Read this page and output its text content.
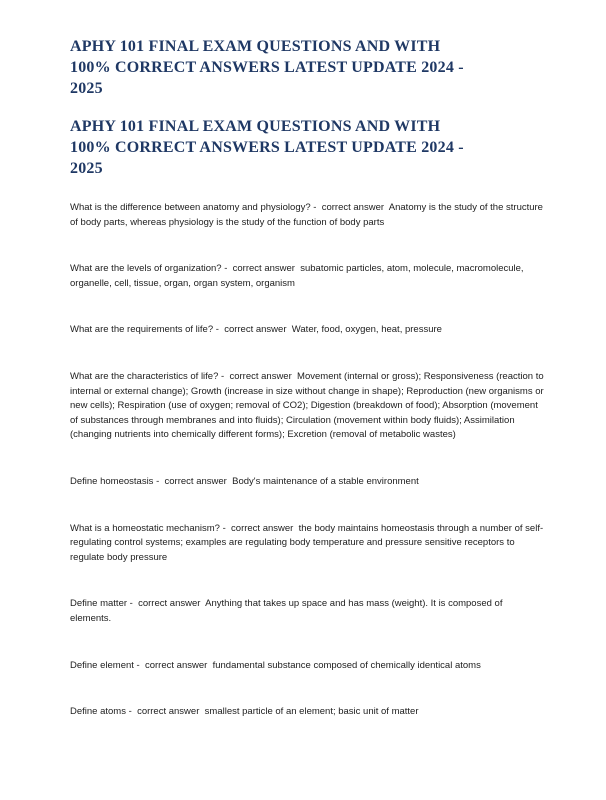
APHY 101 FINAL EXAM QUESTIONS AND WITH
100% CORRECT ANSWERS LATEST UPDATE 2024 -
2025
APHY 101 FINAL EXAM QUESTIONS AND WITH
100% CORRECT ANSWERS LATEST UPDATE 2024 -
2025

What is the difference between anatomy and physiology? -  correct answer  Anatomy is the study of the structure of body parts, whereas physiology is the study of the function of body parts

What are the levels of organization? -  correct answer  subatomic particles, atom, molecule, macromolecule, organelle, cell, tissue, organ, organ system, organism

What are the requirements of life? -  correct answer  Water, food, oxygen, heat, pressure

What are the characteristics of life? -  correct answer  Movement (internal or gross); Responsiveness (reaction to internal or external change); Growth (increase in size without change in shape); Reproduction (new organisms or new cells); Respiration (use of oxygen; removal of CO2); Digestion (breakdown of food); Absorption (movement of substances through membranes and into fluids); Circulation (movement within body fluids); Assimilation (changing nutrients into chemically different forms); Excretion (removal of metabolic wastes)

Define homeostasis -  correct answer  Body's maintenance of a stable environment

What is a homeostatic mechanism? -  correct answer  the body maintains homeostasis through a number of self-regulating control systems; examples are regulating body temperature and pressure sensitive receptors to regulate body pressure

Define matter -  correct answer  Anything that takes up space and has mass (weight). It is composed of elements.

Define element -  correct answer  fundamental substance composed of chemically identical atoms

Define atoms -  correct answer  smallest particle of an element; basic unit of matter
